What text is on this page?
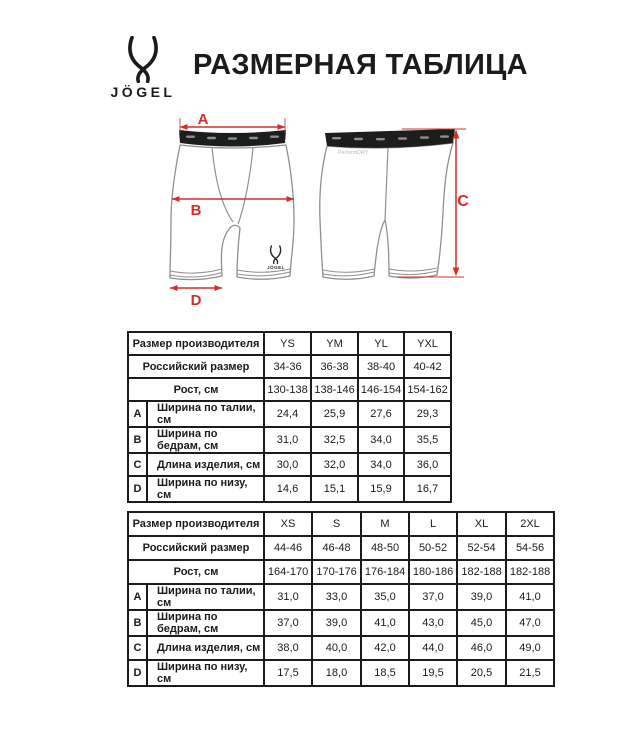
JÖGEL
РАЗМЕРНАЯ ТАБЛИЦА
JÖGEL
PerformDRY
A
B
D
C
Размер производителя		YS	YM	YL	YXL
Российский размер		34-36	36-38	38-40	40-42
Рост, см		130-138	138-146	146-154	154-162
A	Ширина по талии, см	24,4	25,9	27,6	29,3
B	Ширина по бедрам, см	31,0	32,5	34,0	35,5
C	Длина изделия, см	30,0	32,0	34,0	36,0
D	Ширина по низу, см	14,6	15,1	15,9	16,7
Размер производителя		XS	S	M	L	XL	2XL
Российский размер		44-46	46-48	48-50	50-52	52-54	54-56
Рост, см		164-170	170-176	176-184	180-186	182-188	182-188
A	Ширина по талии, см	31,0	33,0	35,0	37,0	39,0	41,0
B	Ширина по бедрам, см	37,0	39,0	41,0	43,0	45,0	47,0
C	Длина изделия, см	38,0	40,0	42,0	44,0	46,0	49,0
D	Ширина по низу, см	17,5	18,0	18,5	19,5	20,5	21,5
